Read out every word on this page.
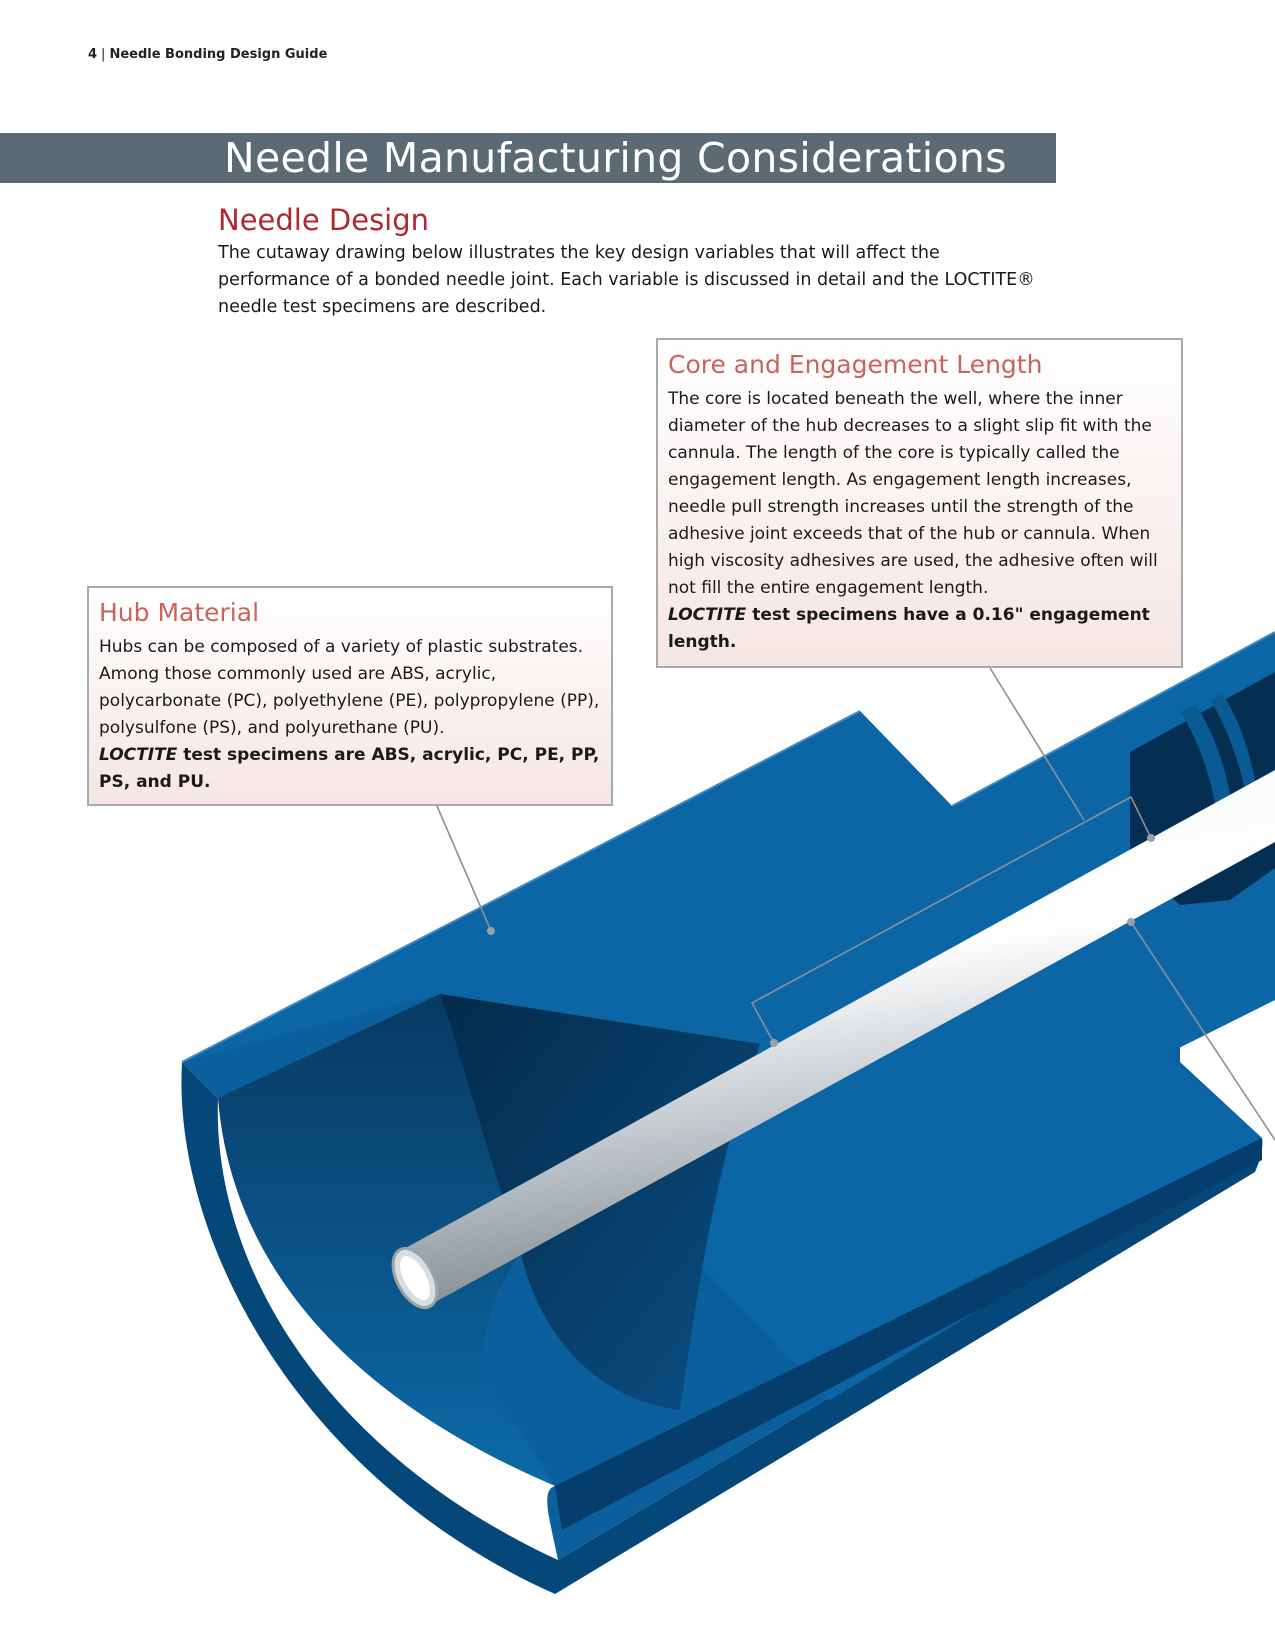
4 | Needle Bonding Design Guide
Needle Manufacturing Considerations
Needle Design

The cutaway drawing below illustrates the key design variables that will affect the performance of a bonded needle joint. Each variable is discussed in detail and the LOCTITE® needle test specimens are described.

Core and Engagement Length

The core is located beneath the well, where the inner diameter of the hub decreases to a slight slip fit with the cannula. The length of the core is typically called the engagement length. As engagement length increases, needle pull strength increases until the strength of the adhesive joint exceeds that of the hub or cannula. When high viscosity adhesives are used, the adhesive often will not fill the entire engagement length.

LOCTITE test specimens have a 0.16" engagement length.

Hub Material

Hubs can be composed of a variety of plastic substrates. Among those commonly used are ABS, acrylic, polycarbonate (PC), polyethylene (PE), polypropylene (PP), polysulfone (PS), and polyurethane (PU).

LOCTITE test specimens are ABS, acrylic, PC, PE, PP, PS, and PU.
